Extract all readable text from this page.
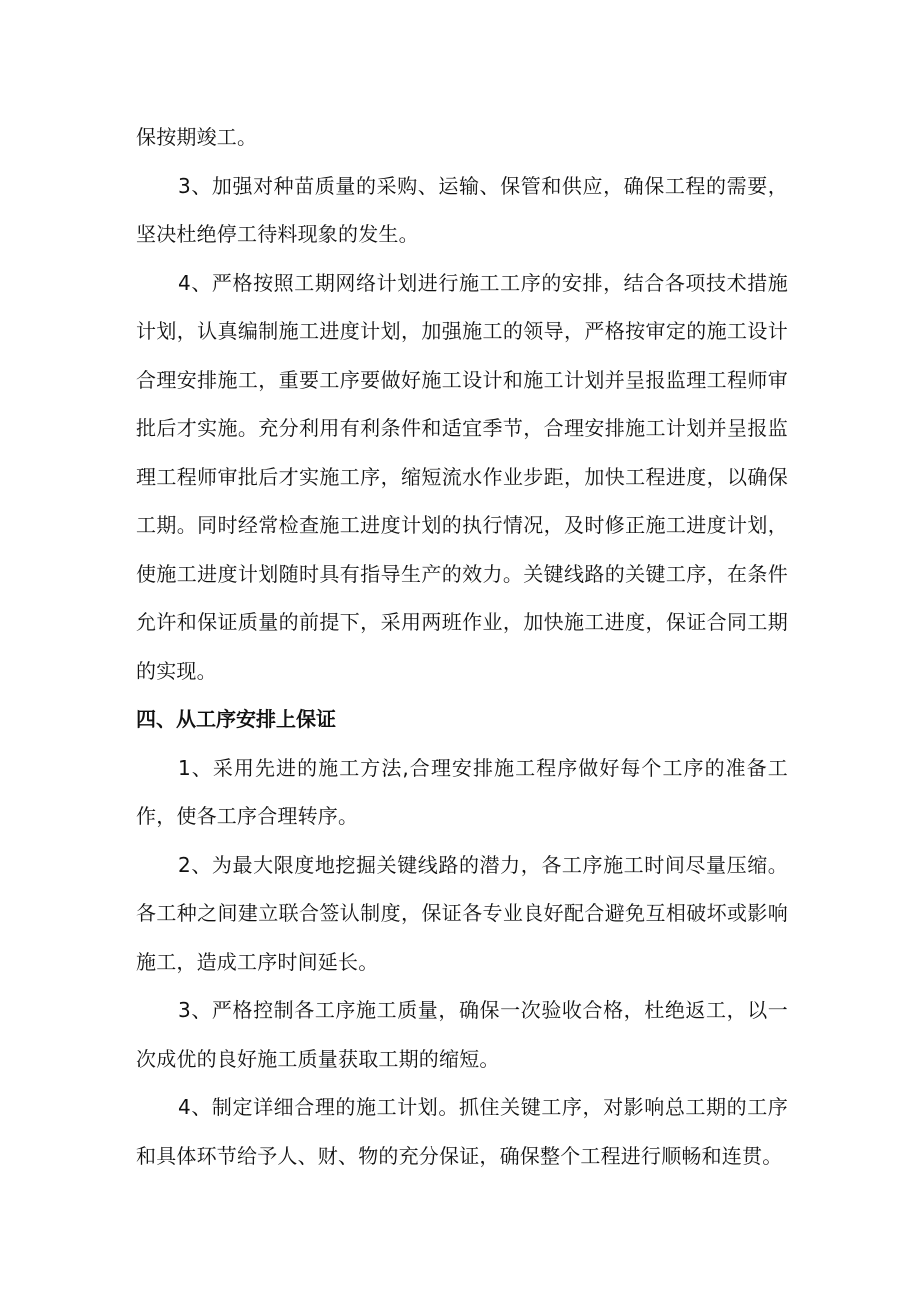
保按期竣工。

3、加强对种苗质量的采购、运输、保管和供应，确保工程的需要，坚决杜绝停工待料现象的发生。

4、严格按照工期网络计划进行施工工序的安排，结合各项技术措施计划，认真编制施工进度计划，加强施工的领导，严格按审定的施工设计合理安排施工，重要工序要做好施工设计和施工计划并呈报监理工程师审批后才实施。充分利用有利条件和适宜季节，合理安排施工计划并呈报监理工程师审批后才实施工序，缩短流水作业步距，加快工程进度，以确保工期。同时经常检查施工进度计划的执行情况，及时修正施工进度计划，使施工进度计划随时具有指导生产的效力。关键线路的关键工序，在条件允许和保证质量的前提下，采用两班作业，加快施工进度，保证合同工期的实现。

四、从工序安排上保证

1、采用先进的施工方法,合理安排施工程序做好每个工序的准备工作，使各工序合理转序。

2、为最大限度地挖掘关键线路的潜力，各工序施工时间尽量压缩。各工种之间建立联合签认制度，保证各专业良好配合避免互相破坏或影响施工，造成工序时间延长。

3、严格控制各工序施工质量，确保一次验收合格，杜绝返工，以一次成优的良好施工质量获取工期的缩短。

4、制定详细合理的施工计划。抓住关键工序，对影响总工期的工序和具体环节给予人、财、物的充分保证，确保整个工程进行顺畅和连贯。
